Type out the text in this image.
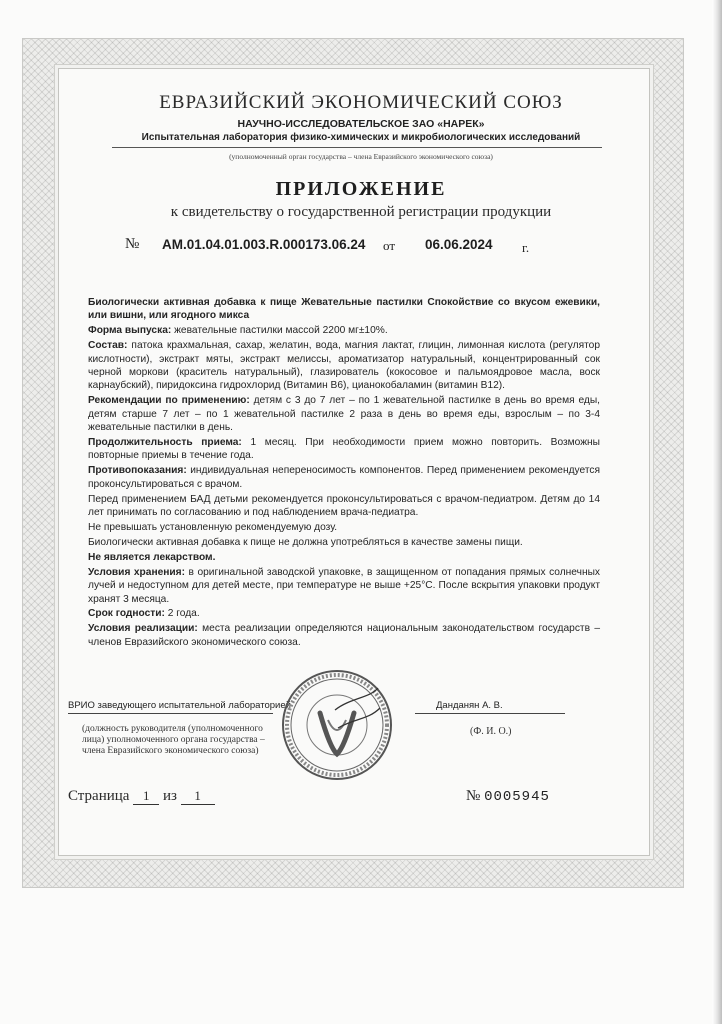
ЕВРАЗИЙСКИЙ ЭКОНОМИЧЕСКИЙ СОЮЗ
НАУЧНО-ИССЛЕДОВАТЕЛЬСКОЕ ЗАО «НАРЕК»
Испытательная лаборатория физико-химических и микробиологических исследований
(уполномоченный орган государства – члена Евразийского экономического союза)
ПРИЛОЖЕНИЕ
к свидетельству о государственной регистрации продукции
№ AM.01.04.01.003.R.000173.06.24 от 06.06.2024 г.

Биологически активная добавка к пище Жевательные пастилки Спокойствие со вкусом ежевики, или вишни, или ягодного микса

Форма выпуска: жевательные пастилки массой 2200 мг±10%.

Состав: патока крахмальная, сахар, желатин, вода, магния лактат, глицин, лимонная кислота (регулятор кислотности), экстракт мяты, экстракт мелиссы, ароматизатор натуральный, концентрированный сок черной моркови (краситель натуральный), глазирователь (кокосовое и пальмоядровое масла, воск карнаубский), пиридоксина гидрохлорид (Витамин В6), цианокобаламин (витамин В12).

Рекомендации по применению: детям с 3 до 7 лет – по 1 жевательной пастилке в день во время еды, детям старше 7 лет – по 1 жевательной пастилке 2 раза в день во время еды, взрослым – по 3-4 жевательные пастилки в день.

Продолжительность приема: 1 месяц. При необходимости прием можно повторить. Возможны повторные приемы в течение года.

Противопоказания: индивидуальная непереносимость компонентов. Перед применением рекомендуется проконсультироваться с врачом.

Перед применением БАД детьми рекомендуется проконсультироваться с врачом-педиатром. Детям до 14 лет принимать по согласованию и под наблюдением врача-педиатра.

Не превышать установленную рекомендуемую дозу.

Биологически активная добавка к пище не должна употребляться в качестве замены пищи.

Не является лекарством.

Условия хранения: в оригинальной заводской упаковке, в защищенном от попадания прямых солнечных лучей и недоступном для детей месте, при температуре не выше +25°С. После вскрытия упаковки продукт хранят 3 месяца.

Срок годности: 2 года.

Условия реализации: места реализации определяются национальным законодательством государств – членов Евразийского экономического союза.

ВРИО заведующего испытательной лабораторией	Данданян А. В.
(должность руководителя (уполномоченного лица) уполномоченного органа государства – члена Евразийского экономического союза)
(Ф. И. О.)
Страница 1 из 1	№ 0005945
